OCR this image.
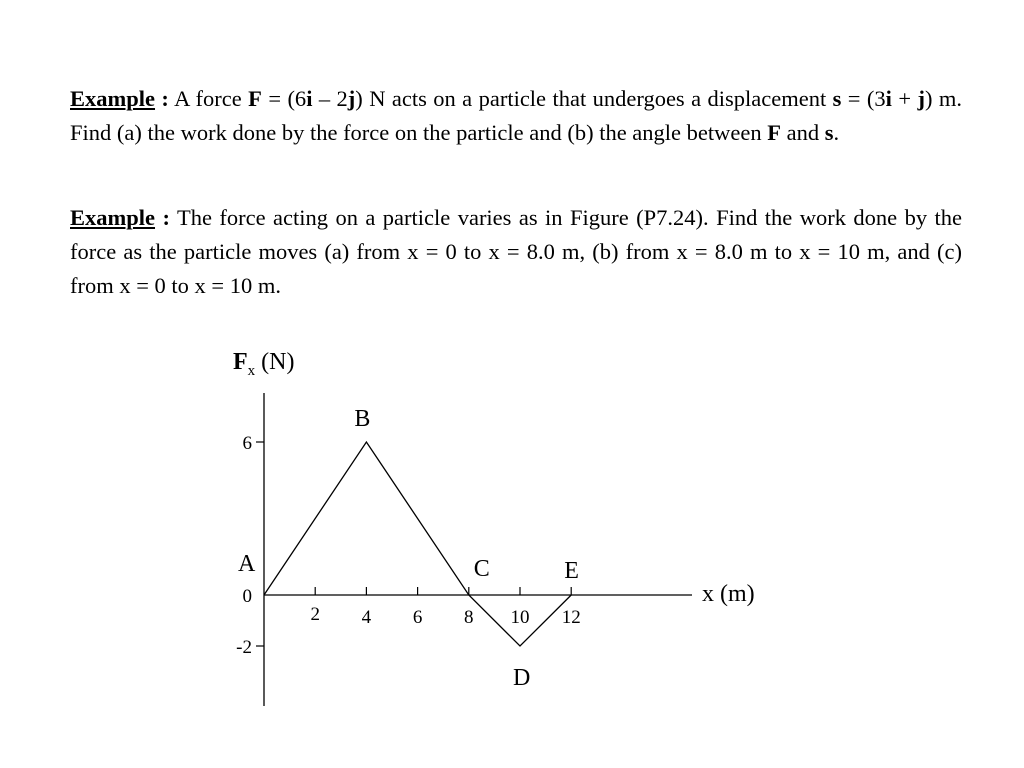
Example : A force F = (6i – 2j) N acts on a particle that undergoes a displacement s = (3i + j) m. Find (a) the work done by the force on the particle and (b) the angle between F and s.

Example : The force acting on a particle varies as in Figure (P7.24). Find the work done by the force as the particle moves (a) from x = 0 to x = 8.0 m, (b) from x = 8.0 m to x = 10 m, and (c) from x = 0 to x = 10 m.

2 4 6 8 10 12
6
0
-2
A
B
C
D
E
$F_x$ (N)
x (m)
